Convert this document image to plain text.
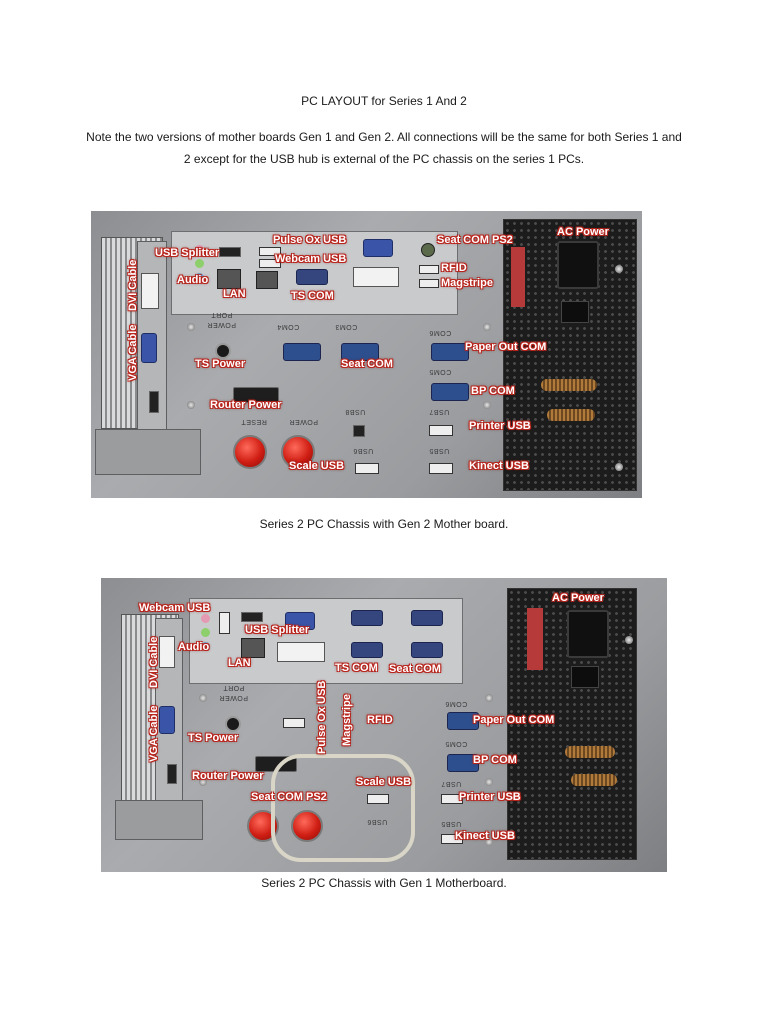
PC LAYOUT for Series 1 And 2
Note the two versions of mother boards Gen 1 and Gen 2. All connections will be the same for both Series 1 and 2 except for the USB hub is external of the PC chassis on the series 1 PCs.
PORT
POWER	COM4	COM3
COM6
COM5
USB8	USB7
POWER
RESET
USB6	USB5
USB Splitter
Pulse Ox USB	Seat COM PS2
AC Power
Webcam USB
Audio
LAN	TS COM
RFID
Magstripe
VGA Cable
DVI Cable
TS Power	Seat COM
Paper Out COM
BP COM
Router Power
Printer USB
Scale USB	Kinect USB
Series 2 PC Chassis with Gen 2 Mother board.
PORT
POWER
COM6
COM5
USB7
USB6	USB5
Webcam USB
USB Splitter
AC Power
Audio
LAN	TS COM Seat COM
VGA Cable
DVI Cable
Pulse Ox USB Magstripe RFID	Paper Out COM
TS Power
BP COM
Router Power	Scale USB
Seat COM PS2	Printer USB
Kinect USB
Series 2 PC Chassis with Gen 1 Motherboard.
